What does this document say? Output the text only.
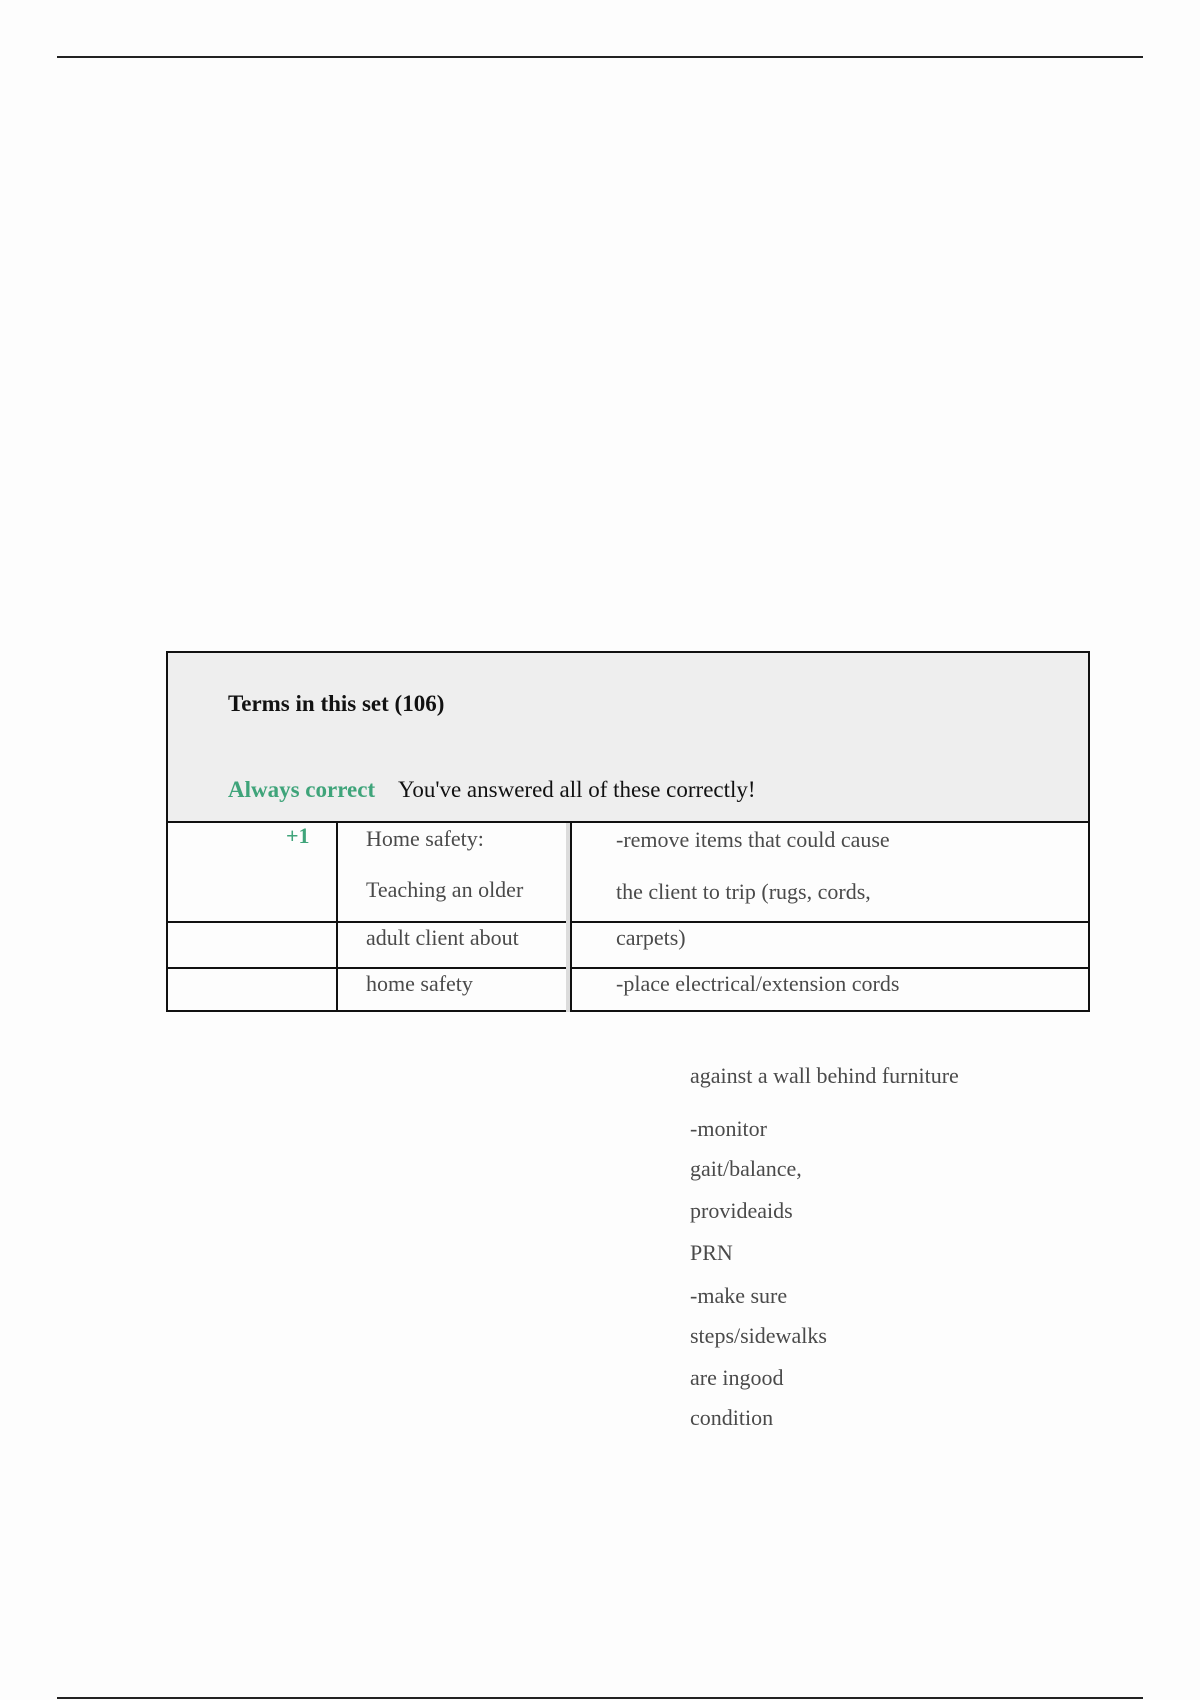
Terms in this set (106)
Always correct You've answered all of these correctly!
+1	Home safety:
Teaching an older
adult client about
home safety
-remove items that could cause
the client to trip (rugs, cords,
carpets)
-place electrical/extension cords
against a wall behind furniture
-monitor
gait/balance,
provideaids
PRN
-make sure
steps/sidewalks
are ingood
condition
